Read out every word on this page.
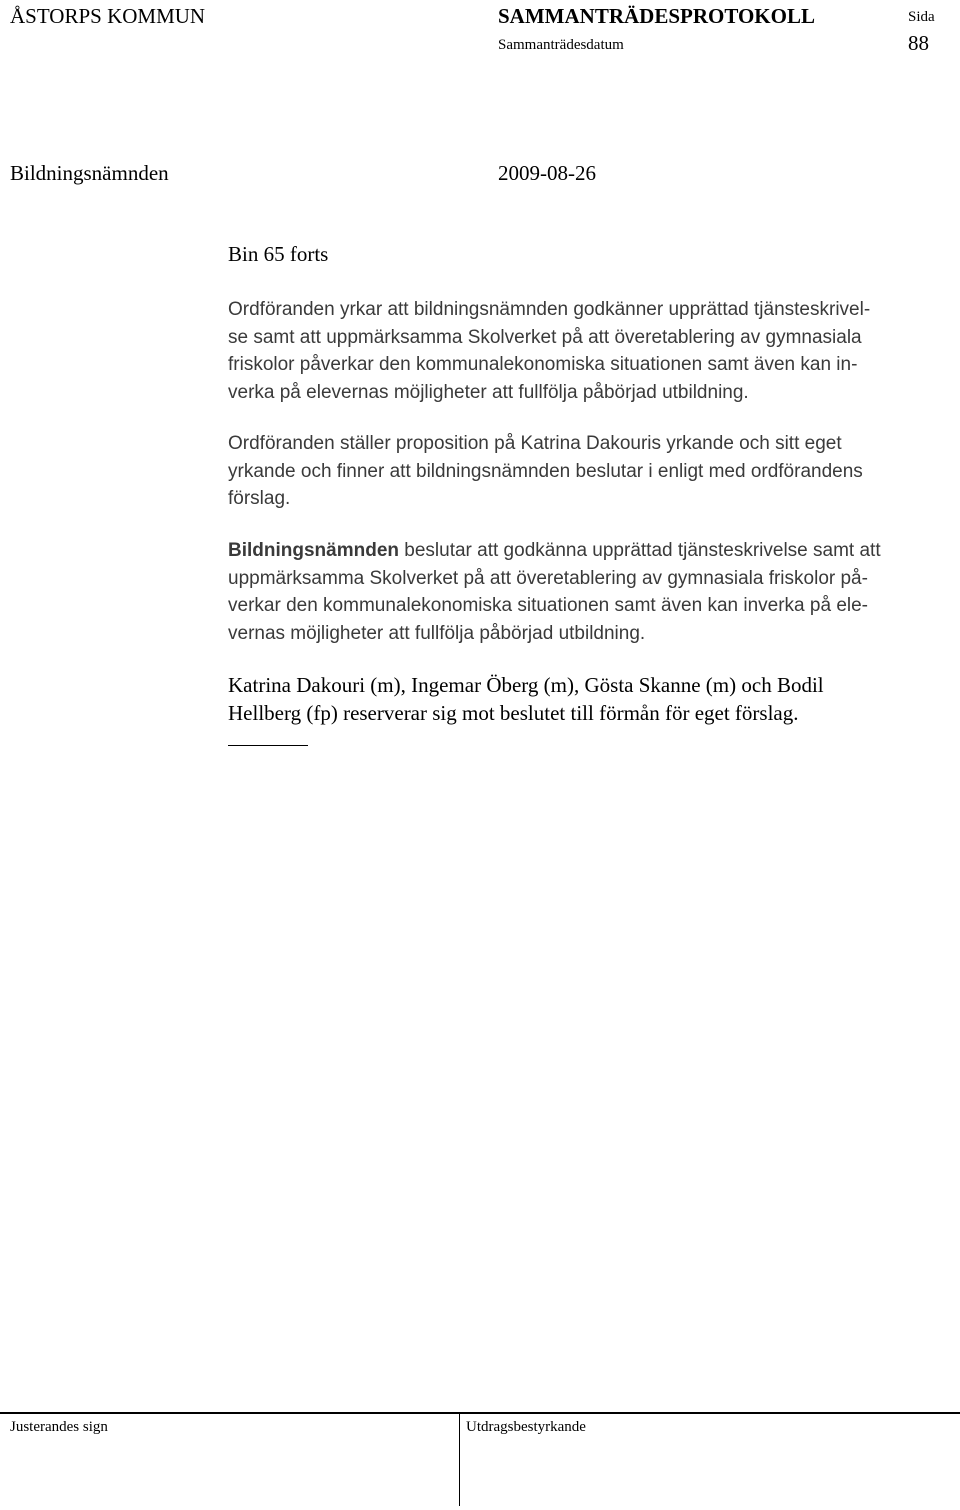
ÅSTORPS KOMMUN	SAMMANTRÄDESPROTOKOLL	Sida
Sammanträdesdatum	88
Bildningsnämnden	2009-08-26
Bin 65 forts
Ordföranden yrkar att bildningsnämnden godkänner upprättad tjänsteskrivel-
se samt att uppmärksamma Skolverket på att överetablering av gymnasiala
friskolor påverkar den kommunalekonomiska situationen samt även kan in-
verka på elevernas möjligheter att fullfölja påbörjad utbildning.
Ordföranden ställer proposition på Katrina Dakouris yrkande och sitt eget
yrkande och finner att bildningsnämnden beslutar i enligt med ordförandens
förslag.
Bildningsnämnden beslutar att godkänna upprättad tjänsteskrivelse samt att
uppmärksamma Skolverket på att överetablering av gymnasiala friskolor på-
verkar den kommunalekonomiska situationen samt även kan inverka på ele-
vernas möjligheter att fullfölja påbörjad utbildning.
Katrina Dakouri (m), Ingemar Öberg (m), Gösta Skanne (m) och Bodil
Hellberg (fp) reserverar sig mot beslutet till förmån för eget förslag.
Justerandes sign	Utdragsbestyrkande
